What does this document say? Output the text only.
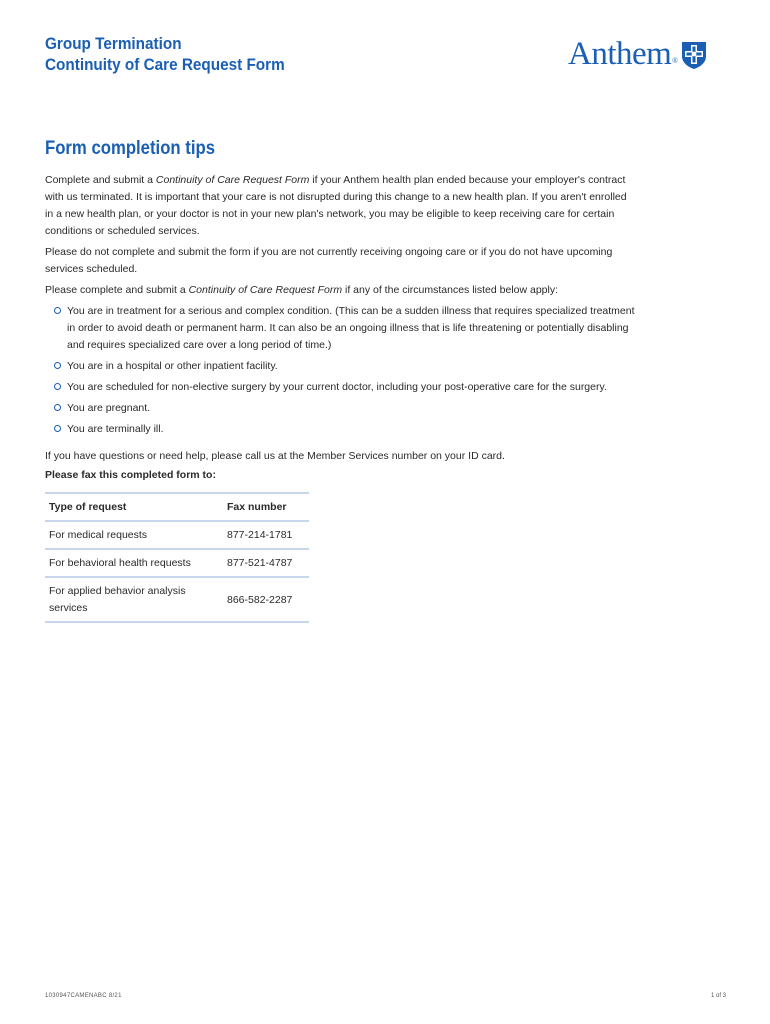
Group Termination
Continuity of Care Request Form	Anthem ®
Form completion tips

Complete and submit a Continuity of Care Request Form if your Anthem health plan ended because your employer's contract with us terminated. It is important that your care is not disrupted during this change to a new health plan. If you aren't enrolled in a new health plan, or your doctor is not in your new plan's network, you may be eligible to keep receiving care for certain conditions or scheduled services.

Please do not complete and submit the form if you are not currently receiving ongoing care or if you do not have upcoming services scheduled.

Please complete and submit a Continuity of Care Request Form if any of the circumstances listed below apply:

You are in treatment for a serious and complex condition. (This can be a sudden illness that requires specialized treatment in order to avoid death or permanent harm. It can also be an ongoing illness that is life threatening or potentially disabling and requires specialized care over a long period of time.)
You are in a hospital or other inpatient facility.
You are scheduled for non-elective surgery by your current doctor, including your post-operative care for the surgery.
You are pregnant.
You are terminally ill.

If you have questions or need help, please call us at the Member Services number on your ID card.

Please fax this completed form to:

Type of request	Fax number
For medical requests	877-214-1781
For behavioral health requests	877-521-4787
For applied behavior analysis services	866-582-2287
1030947CAMENABC 8/21	1 of 3
